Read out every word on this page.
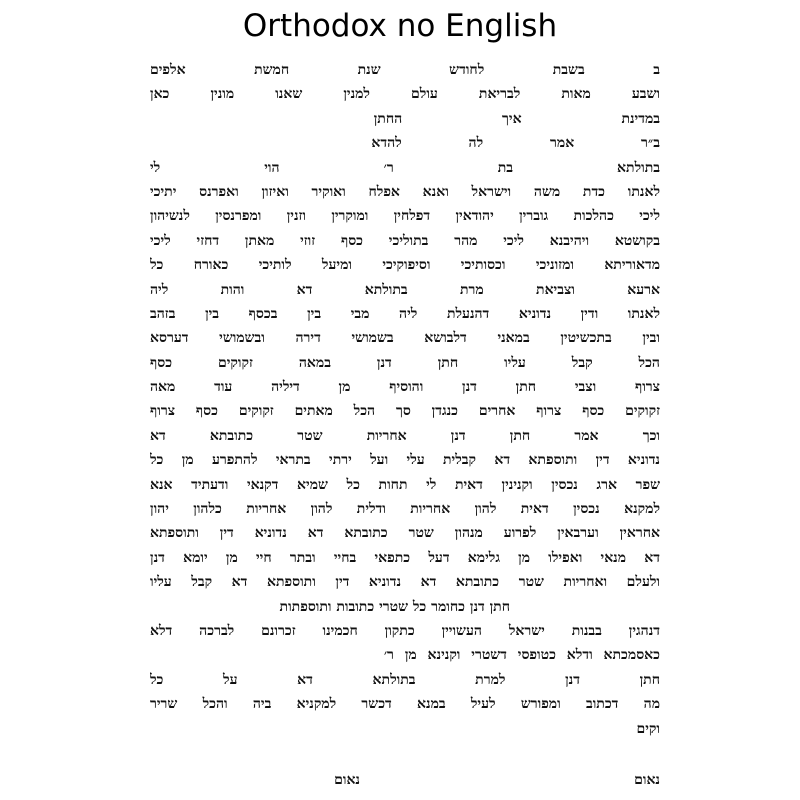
Orthodox no English
ב בשבת לחודש שנת חמשת אלפים
ושבע מאות לבריאת עולם למנין שאנו מונין כאן
במדינת איך החתן
ב״ר אמר לה להדא
בתולתא בת ר׳ הוי לי
לאנתו כדת משה וישראל ואנא אפלח ואוקיר ואיזון ואפרנס יתיכי
ליכי כהלכות גוברין יהודאין דפלחין ומוקרין וזנין ומפרנסין לנשיהון
בקושטא ויהיבנא ליכי מהר בתוליכי כסף זוזי מאתן דחזי ליכי
מדאוריתא ומזוניכי וכסותיכי וסיפוקיכי ומיעל לותיכי כאורח כל
ארעא וצביאת מרת בתולתא דא והות ליה
לאנתו ודין נדוניא דהנעלת ליה מבי בין בכסף בין בזהב
ובין בתכשיטין במאני דלבושא בשמושי דירה ובשמושי דערסא
הכל קבל עליו חתן דנן במאה זקוקים כסף
צרוף וצבי חתן דנן והוסיף מן דיליה עוד מאה
זקוקים כסף צרוף אחרים כנגדן סך הכל מאתים זקוקים כסף צרוף
וכך אמר חתן דנן אחריות שטר כתובתא דא
נדוניא דין ותוספתא דא קבלית עלי ועל ירתי בתראי להתפרע מן כל
שפר ארג נכסין וקנינין דאית לי תחות כל שמיא דקנאי ודעתיד אנא
למקנא נכסין דאית להון אחריות ודלית להון אחריות כלהון יהון
אחראין וערבאין לפרוע מנהון שטר כתובתא דא נדוניא דין ותוספתא
דא מנאי ואפילו מן גלימא דעל כתפאי בחיי ובתר חיי מן יומא דנן
ולעלם ואחריות שטר כתובתא דא נדוניא דין ותוספתא דא קבל עליו
חתן דנן כחומר כל שטרי כתובות ותוספתות
דנהגין בבנות ישראל העשויין כתקון חכמינו זכרונם לברכה דלא
כאסמכתא ודלא כטופסי דשטרי וקנינא מן ר׳
חתן דנן למרת בתולתא דא על כל
מה דכתוב ומפורש לעיל במנא דכשר למקניא ביה והכל שריר
וקים
נאום
נאום
